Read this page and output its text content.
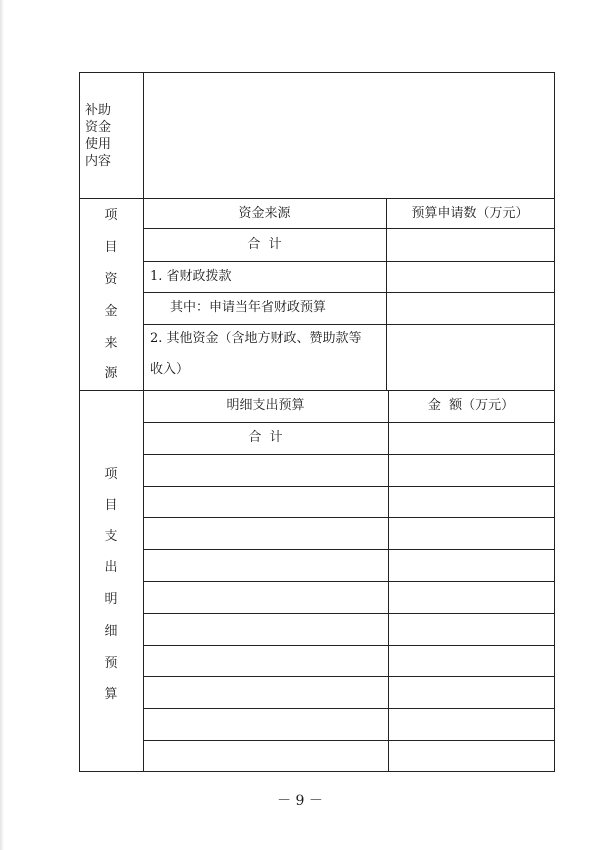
补助
资金
使用
内容
项
目
资
金
来
源
资金来源	预算申请数（万元）
合  计
1. 省财政拨款
其中：申请当年省财政预算
2. 其他资金（含地方财政、赞助款等
收入）
项
目
支
出
明
细
预
算
明细支出预算	金  额（万元）
合  计
－ 9 －
